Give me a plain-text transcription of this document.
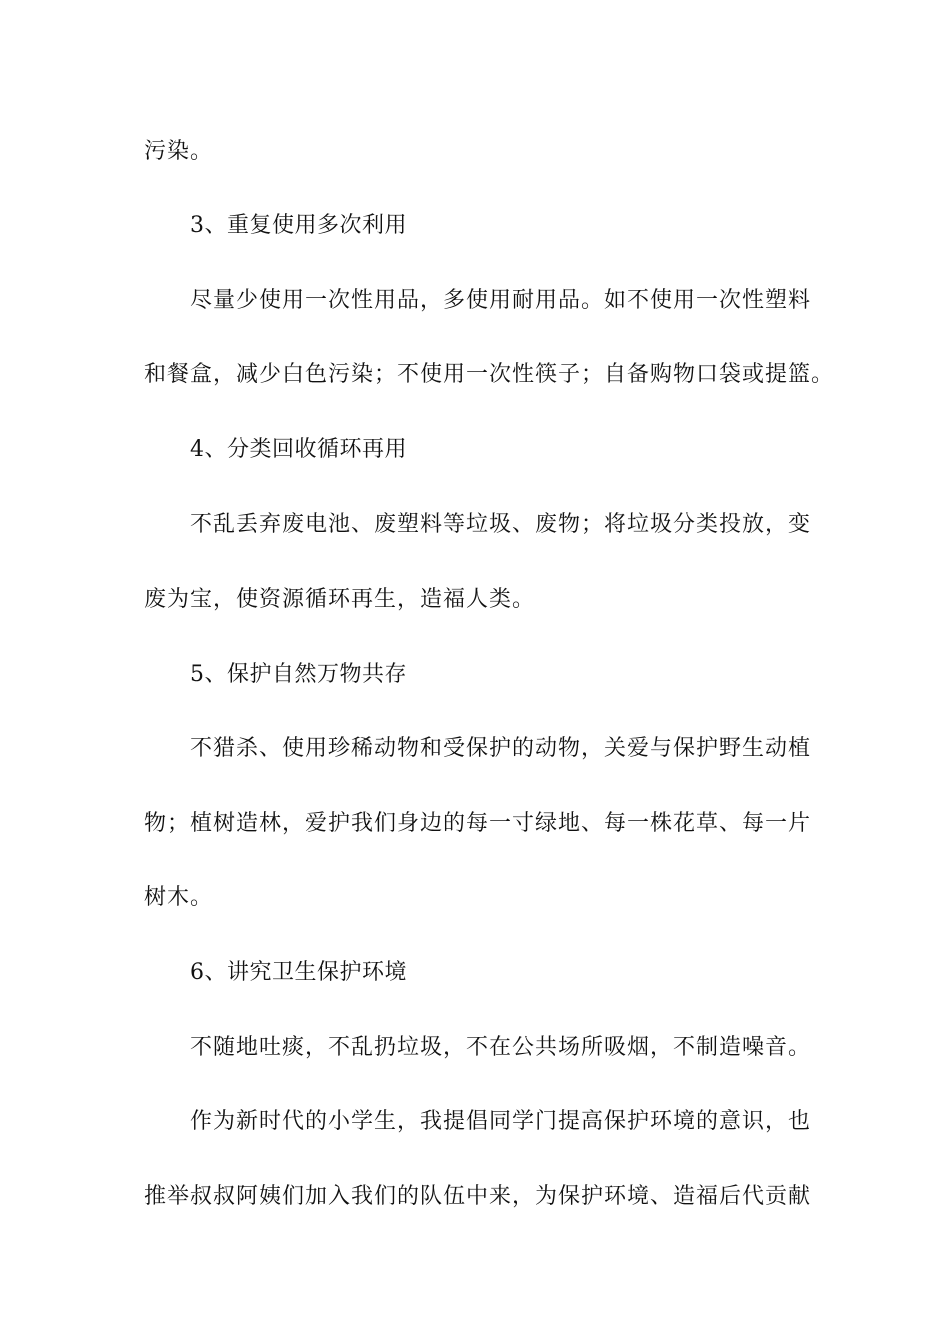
污染。
3、重复使用多次利用
尽量少使用一次性用品，多使用耐用品。如不使用一次性塑料
和餐盒，减少白色污染；不使用一次性筷子；自备购物口袋或提篮。
4、分类回收循环再用
不乱丢弃废电池、废塑料等垃圾、废物；将垃圾分类投放，变
废为宝，使资源循环再生，造福人类。
5、保护自然万物共存
不猎杀、使用珍稀动物和受保护的动物，关爱与保护野生动植
物；植树造林，爱护我们身边的每一寸绿地、每一株花草、每一片
树木。
6、讲究卫生保护环境
不随地吐痰，不乱扔垃圾，不在公共场所吸烟，不制造噪音。
作为新时代的小学生，我提倡同学门提高保护环境的意识，也
推举叔叔阿姨们加入我们的队伍中来，为保护环境、造福后代贡献
